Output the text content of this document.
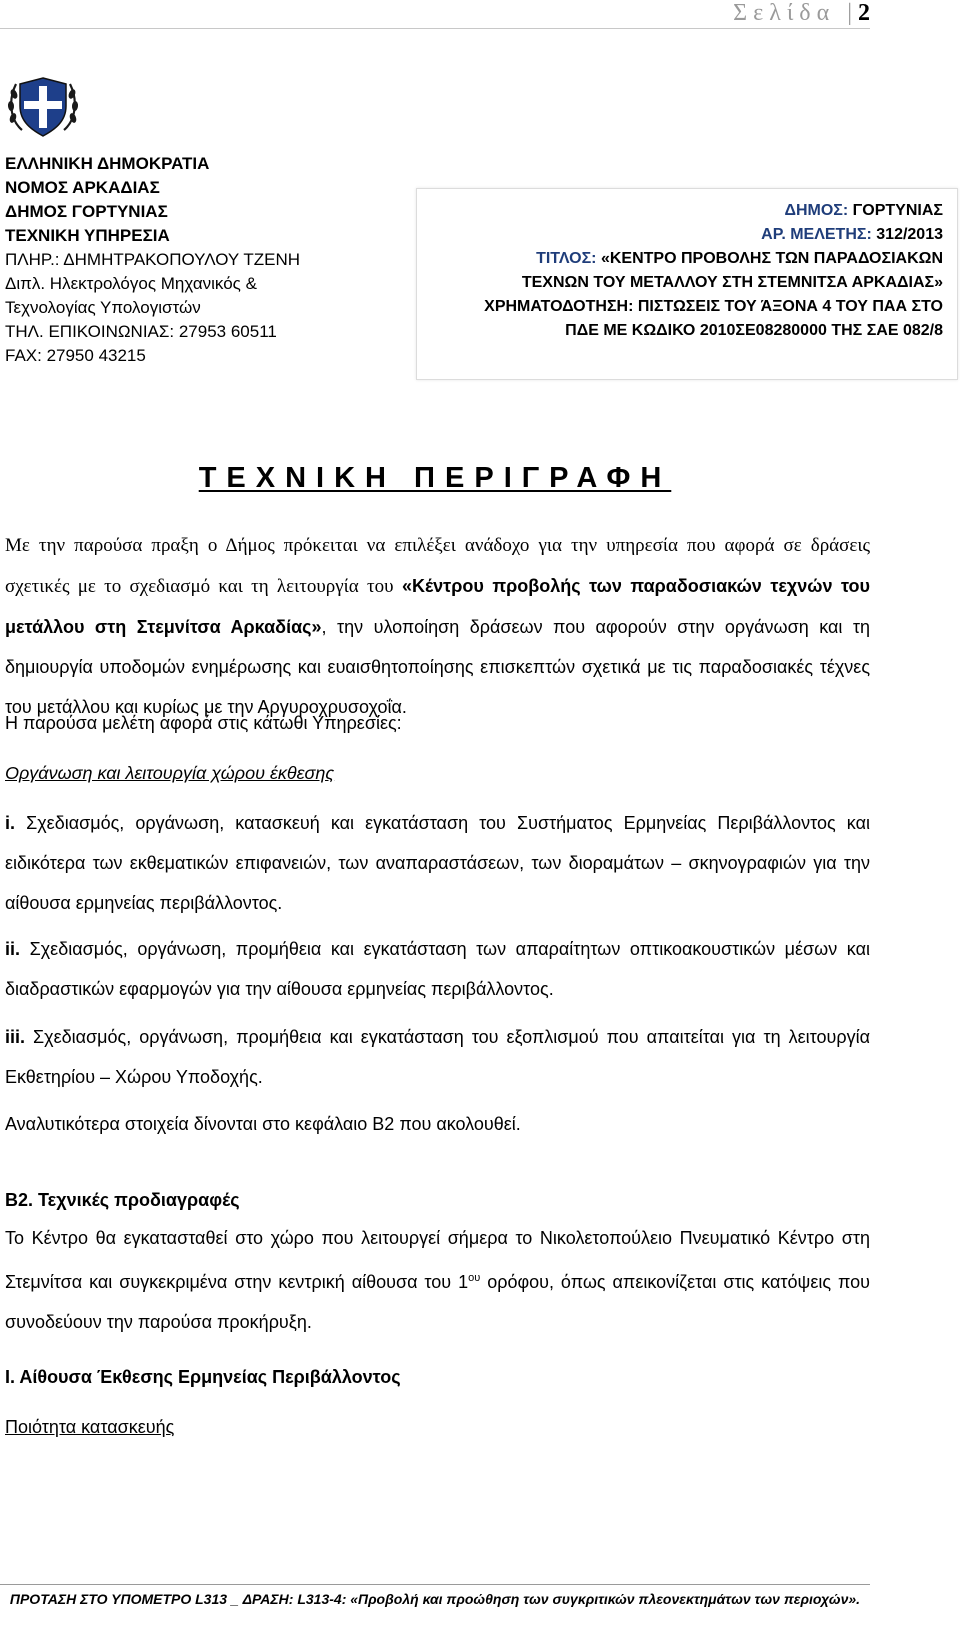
Σελίδα |2
ΕΛΛΗΝΙΚΗ ΔΗΜΟΚΡΑΤΙΑ
ΝΟΜΟΣ ΑΡΚΑΔΙΑΣ
ΔΗΜΟΣ ΓΟΡΤΥΝΙΑΣ
ΤΕΧΝΙΚΗ ΥΠΗΡΕΣΙΑ
ΠΛΗΡ.: ΔΗΜΗΤΡΑΚΟΠΟΥΛΟΥ ΤΖΕΝΗ
Διπλ. Ηλεκτρολόγος Μηχανικός &
Τεχνολογίας Υπολογιστών
ΤΗΛ. ΕΠΙΚΟΙΝΩΝΙΑΣ: 27953 60511
FAX: 27950 43215
ΔΗΜΟΣ: ΓΟΡΤΥΝΙΑΣ
ΑΡ. ΜΕΛΕΤΗΣ: 312/2013
ΤΙΤΛΟΣ: «ΚΕΝΤΡΟ ΠΡΟΒΟΛΗΣ ΤΩΝ ΠΑΡΑΔΟΣΙΑΚΩΝ
ΤΕΧΝΩΝ ΤΟΥ ΜΕΤΑΛΛΟΥ ΣΤΗ ΣΤΕΜΝΙΤΣΑ ΑΡΚΑΔΙΑΣ»
ΧΡΗΜΑΤΟΔΟΤΗΣΗ: ΠΙΣΤΩΣΕΙΣ ΤΟΥ ΆΞΟΝΑ 4 ΤΟΥ ΠΑΑ ΣΤΟ
ΠΔΕ ΜΕ ΚΩΔΙΚΟ 2010ΣΕ08280000 ΤΗΣ ΣΑΕ 082/8
ΤΕΧΝΙΚΗ ΠΕΡΙΓΡΑΦΗ
Με την παρούσα πραξη ο Δήμος πρόκειται να επιλέξει ανάδοχο για την υπηρεσία που αφορά σε δράσεις σχετικές με το σχεδιασμό και τη λειτουργία του «Κέντρου προβολής των παραδοσιακών τεχνών του μετάλλου στη Στεμνίτσα Αρκαδίας», την υλοποίηση δράσεων που αφορούν στην οργάνωση και τη δημιουργία υποδομών ενημέρωσης και ευαισθητοποίησης επισκεπτών σχετικά με τις παραδοσιακές τέχνες του μετάλλου και κυρίως με την Αργυροχρυσοχοΐα.
Η παρούσα μελέτη αφορά στις κάτωθι Υπηρεσίες:
Οργάνωση και λειτουργία χώρου έκθεσης
i. Σχεδιασμός, οργάνωση, κατασκευή και εγκατάσταση του Συστήματος Ερμηνείας Περιβάλλοντος και ειδικότερα των εκθεματικών επιφανειών, των αναπαραστάσεων, των διοραμάτων – σκηνογραφιών για την αίθουσα ερμηνείας περιβάλλοντος.
ii. Σχεδιασμός, οργάνωση, προμήθεια και εγκατάσταση των απαραίτητων οπτικοακουστικών μέσων και διαδραστικών εφαρμογών για την αίθουσα ερμηνείας περιβάλλοντος.
iii. Σχεδιασμός, οργάνωση, προμήθεια και εγκατάσταση του εξοπλισμού που απαιτείται για τη λειτουργία Εκθετηρίου – Χώρου Υποδοχής.
Αναλυτικότερα στοιχεία δίνονται στο κεφάλαιο Β2 που ακολουθεί.
Β2. Τεχνικές προδιαγραφές
Το Κέντρο θα εγκατασταθεί στο χώρο που λειτουργεί σήμερα το Νικολετοπούλειο Πνευματικό Κέντρο στη Στεμνίτσα και συγκεκριμένα στην κεντρική αίθουσα του $1^{o\upsilon}$ ορόφου, όπως απεικονίζεται στις κατόψεις που συνοδεύουν την παρούσα προκήρυξη.
Ι. Αίθουσα Έκθεσης Ερμηνείας Περιβάλλοντος
Ποιότητα κατασκευής
ΠΡΟΤΑΣΗ ΣΤΟ ΥΠΟΜΕΤΡΟ L313 _ ΔΡΑΣΗ: L313-4: «Προβολή και προώθηση των συγκριτικών πλεονεκτημάτων των περιοχών».
